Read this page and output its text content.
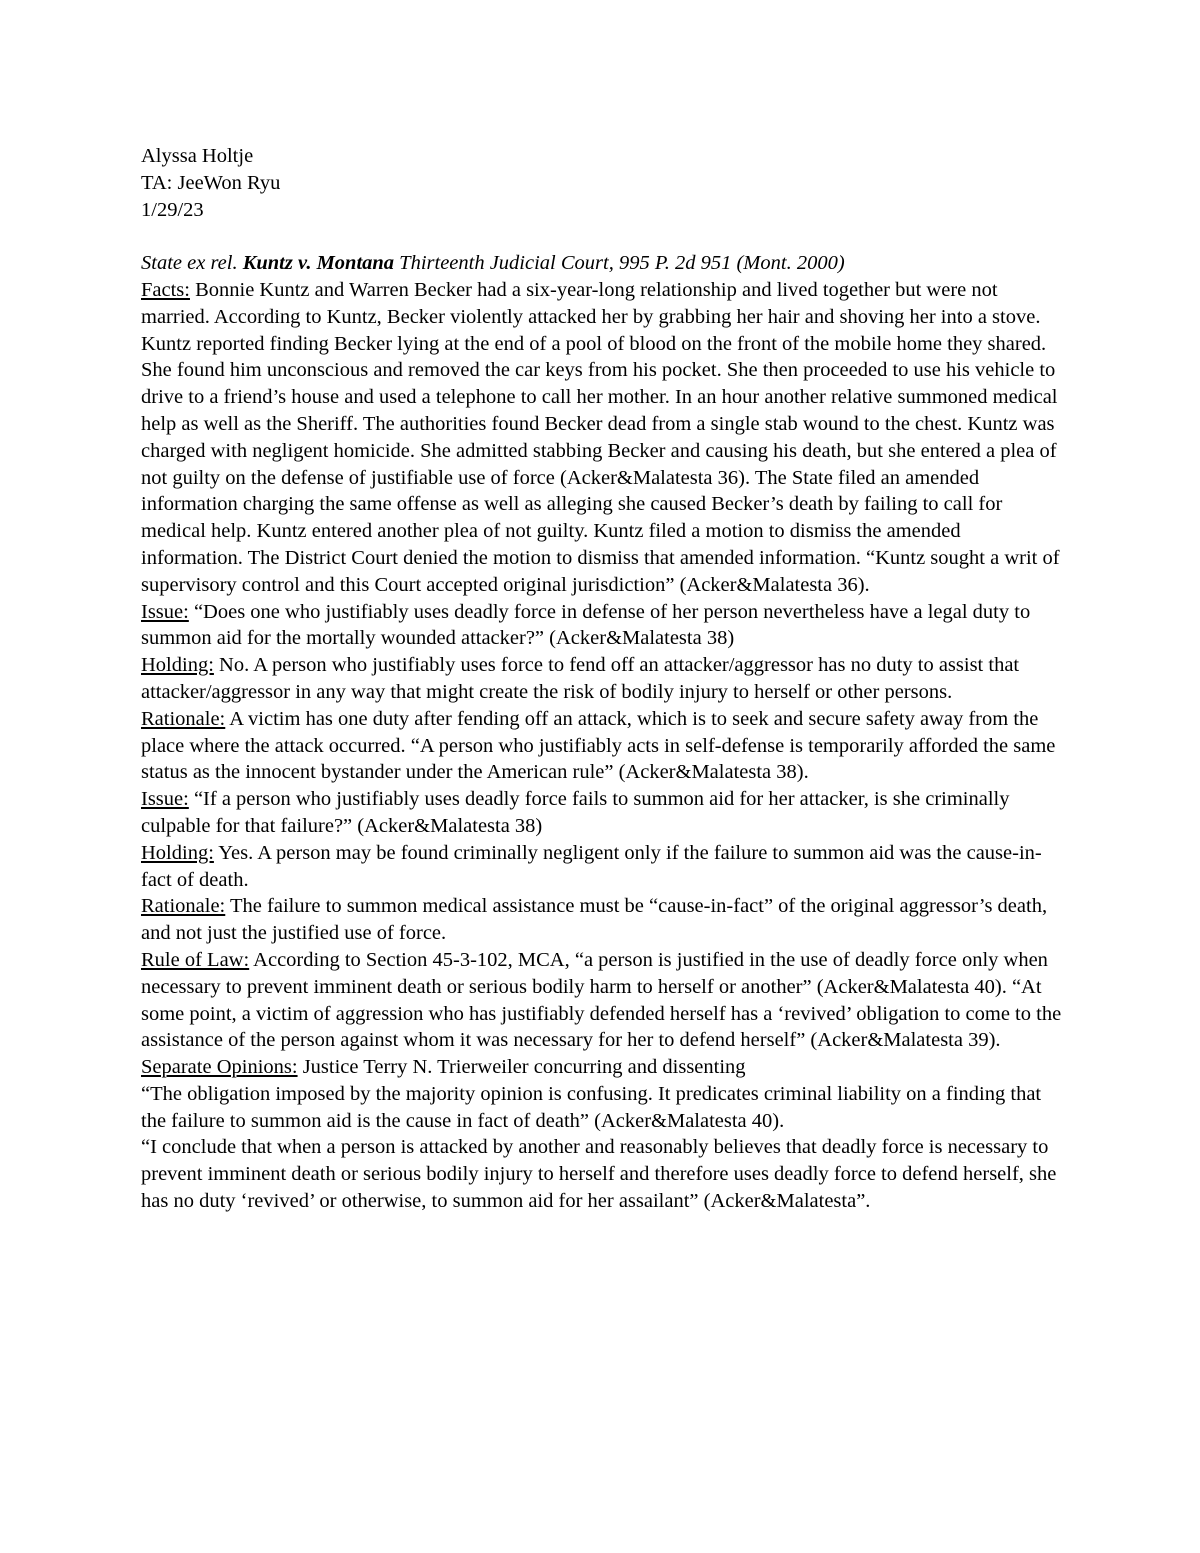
Alyssa Holtje
TA: JeeWon Ryu
1/29/23
State ex rel. Kuntz v. Montana Thirteenth Judicial Court, 995 P. 2d 951 (Mont. 2000)
Facts: Bonnie Kuntz and Warren Becker had a six-year-long relationship and lived together but were not married. According to Kuntz, Becker violently attacked her by grabbing her hair and shoving her into a stove. Kuntz reported finding Becker lying at the end of a pool of blood on the front of the mobile home they shared. She found him unconscious and removed the car keys from his pocket. She then proceeded to use his vehicle to drive to a friend’s house and used a telephone to call her mother. In an hour another relative summoned medical help as well as the Sheriff. The authorities found Becker dead from a single stab wound to the chest. Kuntz was charged with negligent homicide. She admitted stabbing Becker and causing his death, but she entered a plea of not guilty on the defense of justifiable use of force (Acker&Malatesta 36). The State filed an amended information charging the same offense as well as alleging she caused Becker’s death by failing to call for medical help. Kuntz entered another plea of not guilty. Kuntz filed a motion to dismiss the amended information. The District Court denied the motion to dismiss that amended information. “Kuntz sought a writ of supervisory control and this Court accepted original jurisdiction” (Acker&Malatesta 36).
Issue: “Does one who justifiably uses deadly force in defense of her person nevertheless have a legal duty to summon aid for the mortally wounded attacker?” (Acker&Malatesta 38)
Holding: No. A person who justifiably uses force to fend off an attacker/aggressor has no duty to assist that attacker/aggressor in any way that might create the risk of bodily injury to herself or other persons.
Rationale: A victim has one duty after fending off an attack, which is to seek and secure safety away from the place where the attack occurred. “A person who justifiably acts in self-defense is temporarily afforded the same status as the innocent bystander under the American rule” (Acker&Malatesta 38).
Issue: “If a person who justifiably uses deadly force fails to summon aid for her attacker, is she criminally culpable for that failure?” (Acker&Malatesta 38)
Holding: Yes. A person may be found criminally negligent only if the failure to summon aid was the cause-in-fact of death.
Rationale: The failure to summon medical assistance must be “cause-in-fact” of the original aggressor’s death, and not just the justified use of force.
Rule of Law: According to Section 45-3-102, MCA, “a person is justified in the use of deadly force only when necessary to prevent imminent death or serious bodily harm to herself or another” (Acker&Malatesta 40). “At some point, a victim of aggression who has justifiably defended herself has a ‘revived’ obligation to come to the assistance of the person against whom it was necessary for her to defend herself” (Acker&Malatesta 39).
Separate Opinions: Justice Terry N. Trierweiler concurring and dissenting
“The obligation imposed by the majority opinion is confusing. It predicates criminal liability on a finding that the failure to summon aid is the cause in fact of death” (Acker&Malatesta 40).
“I conclude that when a person is attacked by another and reasonably believes that deadly force is necessary to prevent imminent death or serious bodily injury to herself and therefore uses deadly force to defend herself, she has no duty ‘revived’ or otherwise, to summon aid for her assailant” (Acker&Malatesta”.
